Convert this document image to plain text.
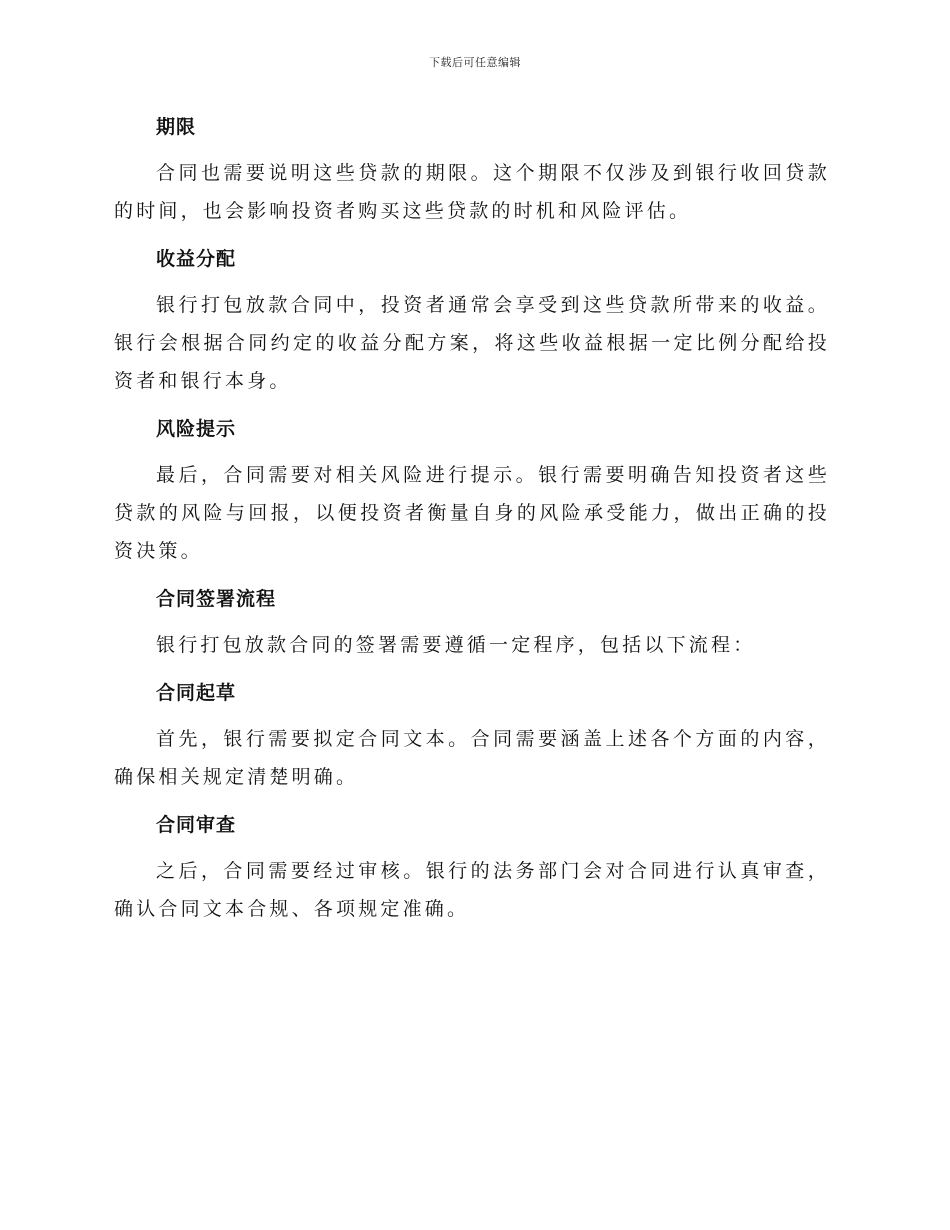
下载后可任意编辑
期限

合同也需要说明这些贷款的期限。这个期限不仅涉及到银行收回贷款的时间，也会影响投资者购买这些贷款的时机和风险评估。

收益分配

银行打包放款合同中，投资者通常会享受到这些贷款所带来的收益。银行会根据合同约定的收益分配方案，将这些收益根据一定比例分配给投资者和银行本身。

风险提示

最后，合同需要对相关风险进行提示。银行需要明确告知投资者这些贷款的风险与回报，以便投资者衡量自身的风险承受能力，做出正确的投资决策。

合同签署流程

银行打包放款合同的签署需要遵循一定程序，包括以下流程：

合同起草

首先，银行需要拟定合同文本。合同需要涵盖上述各个方面的内容，确保相关规定清楚明确。

合同审查

之后，合同需要经过审核。银行的法务部门会对合同进行认真审查，确认合同文本合规、各项规定准确。
